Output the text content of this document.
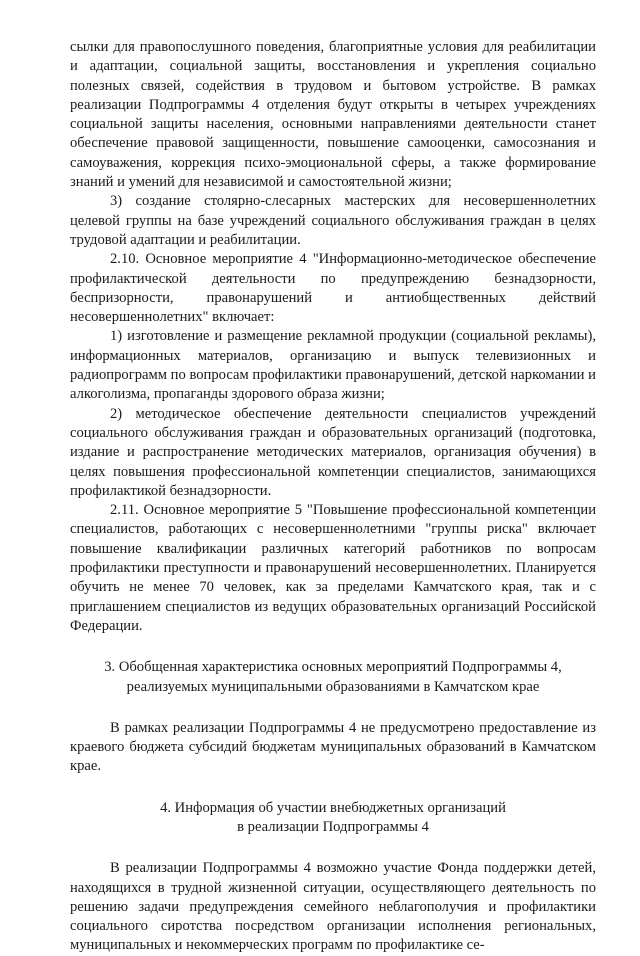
сылки для правопослушного поведения, благоприятные условия для реабилитации и адаптации, социальной защиты, восстановления и укрепления социально полезных связей, содействия в трудовом и бытовом устройстве. В рамках реализации Подпрограммы 4 отделения будут открыты в четырех учреждениях социальной защиты населения, основными направлениями деятельности станет обеспечение правовой защищенности, повышение самооценки, самосознания и самоуважения, коррекция психо-эмоциональной сферы, а также формирование знаний и умений для независимой и самостоятельной жизни;

3) создание столярно-слесарных мастерских для несовершеннолетних целевой группы на базе учреждений социального обслуживания граждан в целях трудовой адаптации и реабилитации.

2.10. Основное мероприятие 4 "Информационно-методическое обеспечение профилактической деятельности по предупреждению безнадзорности, беспризорности, правонарушений и антиобщественных действий несовершеннолетних" включает:

1) изготовление и размещение рекламной продукции (социальной рекламы), информационных материалов, организацию и выпуск телевизионных и радиопрограмм по вопросам профилактики правонарушений, детской наркомании и алкоголизма, пропаганды здорового образа жизни;

2) методическое обеспечение деятельности специалистов учреждений социального обслуживания граждан и образовательных организаций (подготовка, издание и распространение методических материалов, организация обучения) в целях повышения профессиональной компетенции специалистов, занимающихся профилактикой безнадзорности.

2.11. Основное мероприятие 5 "Повышение профессиональной компетенции специалистов, работающих с несовершеннолетними "группы риска" включает повышение квалификации различных категорий работников по вопросам профилактики преступности и правонарушений несовершеннолетних. Планируется обучить не менее 70 человек, как за пределами Камчатского края, так и с приглашением специалистов из ведущих образовательных организаций Российской Федерации.

3. Обобщенная характеристика основных мероприятий Подпрограммы 4,
реализуемых муниципальными образованиями в Камчатском крае

В рамках реализации Подпрограммы 4 не предусмотрено предоставление из краевого бюджета субсидий бюджетам муниципальных образований в Камчатском крае.

4. Информация об участии внебюджетных организаций
в реализации Подпрограммы 4

В реализации Подпрограммы 4 возможно участие Фонда поддержки детей, находящихся в трудной жизненной ситуации, осуществляющего деятельность по решению задачи предупреждения семейного неблагополучия и профилактики социального сиротства посредством организации исполнения региональных, муниципальных и некоммерческих программ по профилактике се-
